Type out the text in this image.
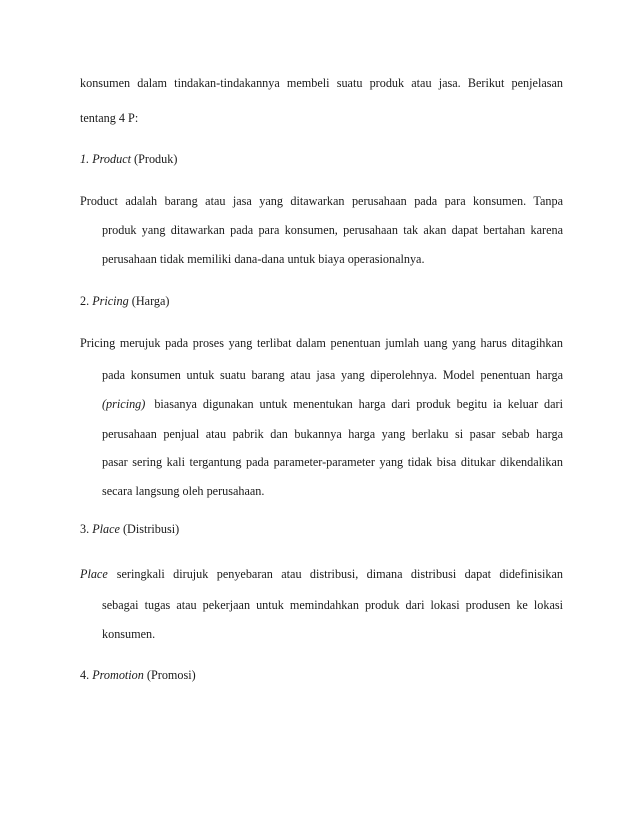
konsumen dalam tindakan-tindakannya membeli suatu produk atau jasa. Berikut penjelasan
tentang 4 P:
1. Product (Produk)
Product adalah barang atau jasa yang ditawarkan perusahaan pada para konsumen. Tanpa
produk yang ditawarkan pada para konsumen, perusahaan tak akan dapat bertahan karena
perusahaan tidak memiliki dana-dana untuk biaya operasionalnya.
2. Pricing (Harga)
Pricing merujuk pada proses yang terlibat dalam penentuan jumlah uang yang harus ditagihkan
pada konsumen untuk suatu barang atau jasa yang diperolehnya. Model penentuan harga
(pricing) biasanya digunakan untuk menentukan harga dari produk begitu ia keluar dari
perusahaan penjual atau pabrik dan bukannya harga yang berlaku si pasar sebab harga
pasar sering kali tergantung pada parameter-parameter yang tidak bisa ditukar dikendalikan
secara langsung oleh perusahaan.
3. Place (Distribusi)
Place seringkali dirujuk penyebaran atau distribusi, dimana distribusi dapat didefinisikan
sebagai tugas atau pekerjaan untuk memindahkan produk dari lokasi produsen ke lokasi
konsumen.
4. Promotion (Promosi)
